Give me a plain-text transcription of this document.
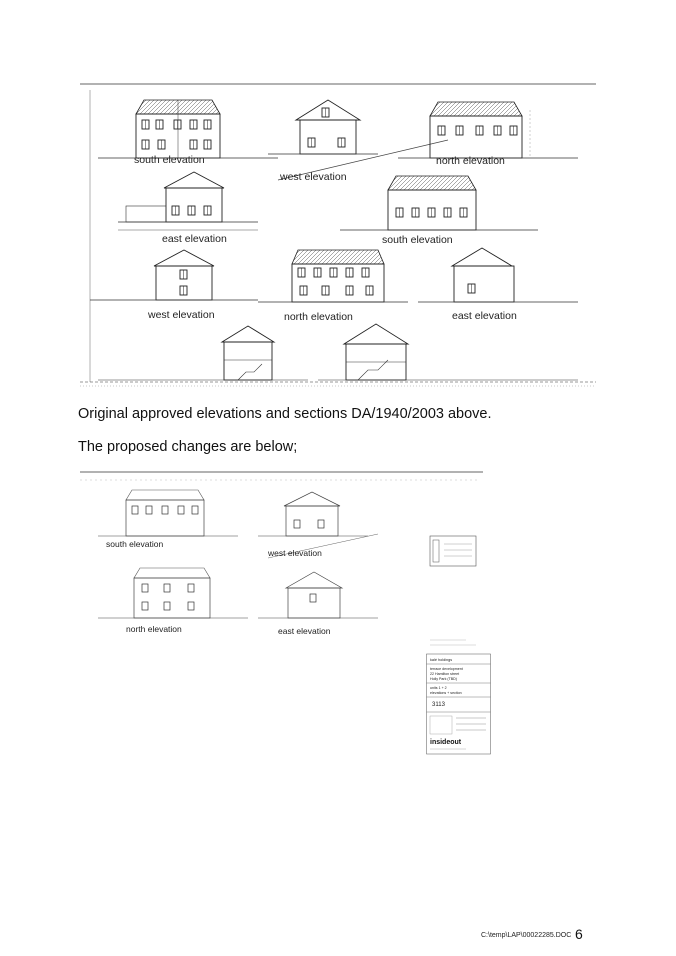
south elevation	north elevation
west elevation
east elevation	south elevation
west elevation	north elevation	east elevation
Original approved elevations and sections DA/1940/2003 above.
The proposed changes are below;
south elevation
west elevation
north elevation	east elevation
kalé holdings
terrace development
22 Hamilton street
Holly Park (TBD)
units 1 + 2
elevations + section
3113
insideout
C:\temp\LAP\00022285.DOC 6
